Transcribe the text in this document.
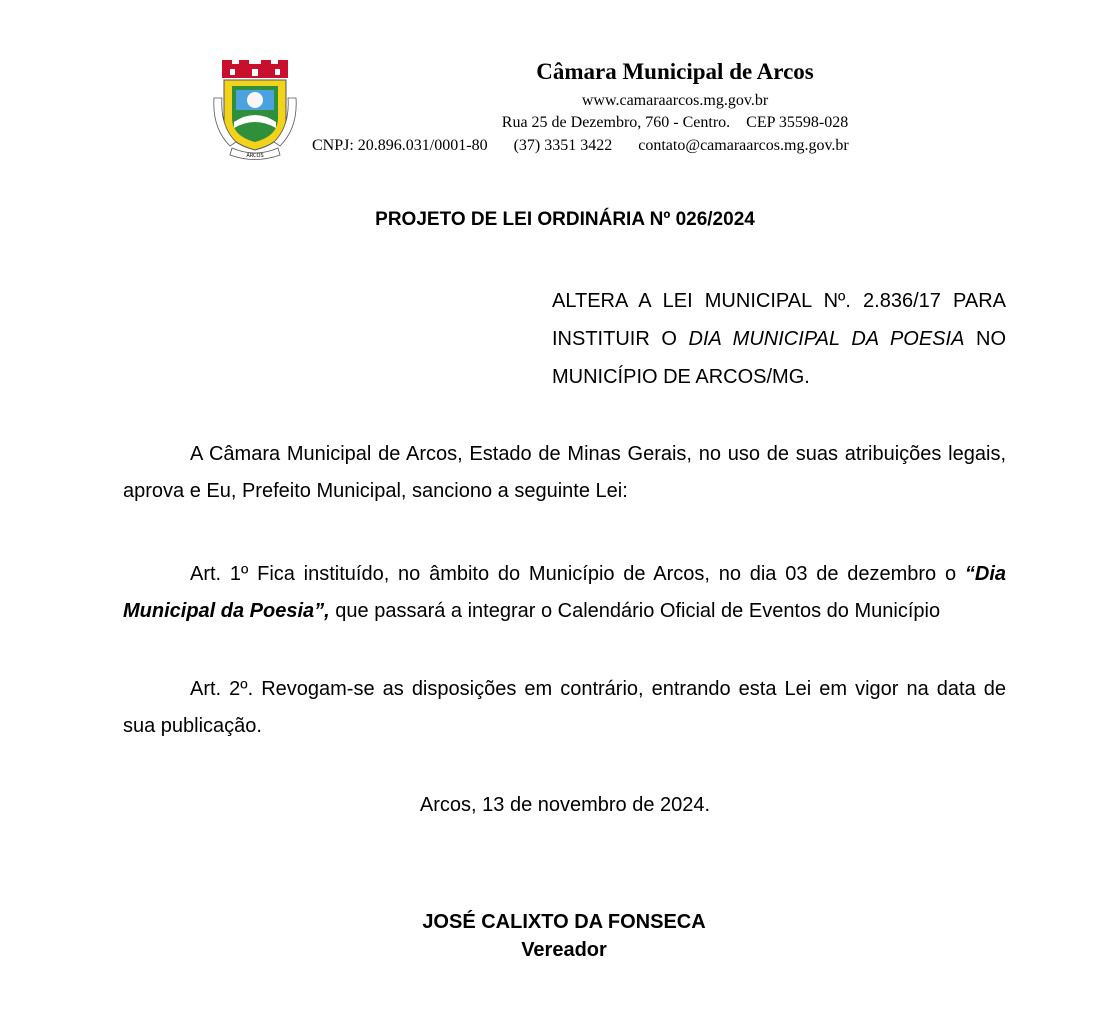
ARCOS
Câmara Municipal de Arcos
www.camaraarcos.mg.gov.br
Rua 25 de Dezembro, 760 - Centro. CEP 35598-028
CNPJ: 20.896.031/0001-80 (37) 3351 3422 contato@camaraarcos.mg.gov.br
PROJETO DE LEI ORDINÁRIA Nº 026/2024
ALTERA A LEI MUNICIPAL Nº. 2.836/17 PARA INSTITUIR O DIA MUNICIPAL DA POESIA NO MUNICÍPIO DE ARCOS/MG.
A Câmara Municipal de Arcos, Estado de Minas Gerais, no uso de suas atribuições legais, aprova e Eu, Prefeito Municipal, sanciono a seguinte Lei:
Art. 1º Fica instituído, no âmbito do Município de Arcos, no dia 03 de dezembro o “Dia Municipal da Poesia”, que passará a integrar o Calendário Oficial de Eventos do Município
Art. 2º. Revogam-se as disposições em contrário, entrando esta Lei em vigor na data de sua publicação.
Arcos, 13 de novembro de 2024.
JOSÉ CALIXTO DA FONSECA
Vereador
